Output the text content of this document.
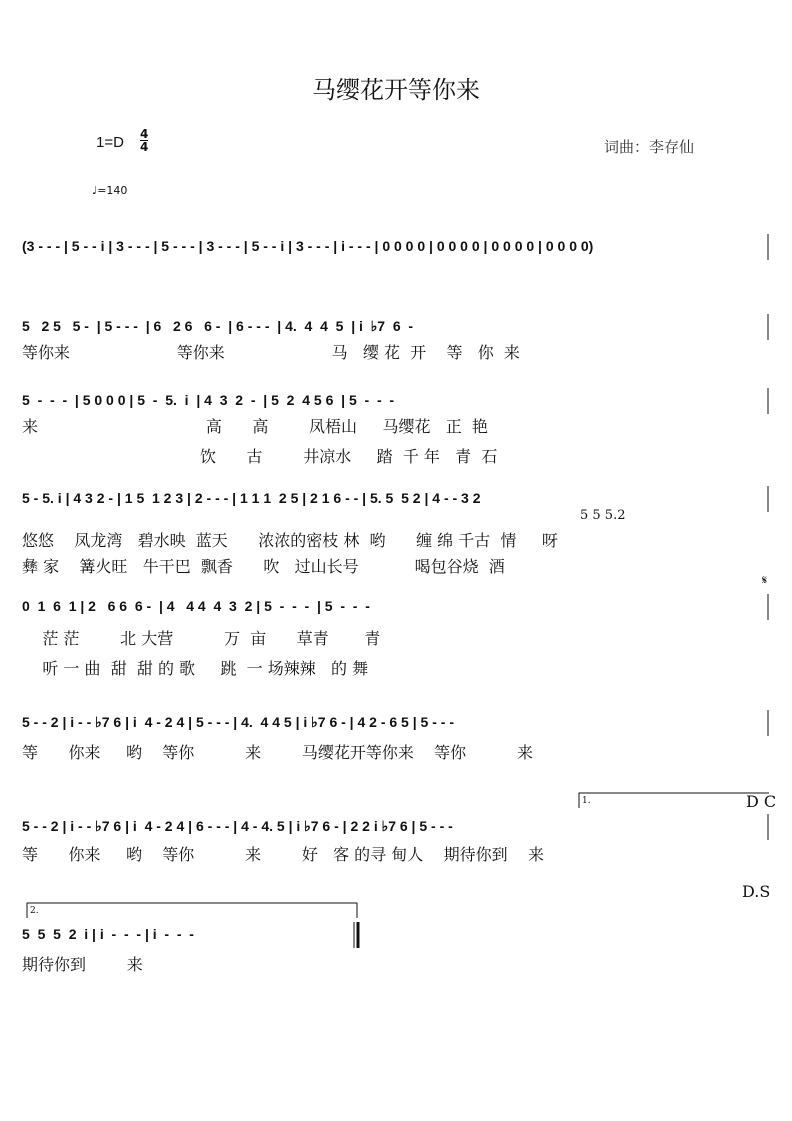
马缨花开等你来
1=D 4
4	词曲：李存仙
♩=140
(3 - - - | 5 - - i | 3 - - - | 5 - - - | 3 - - - | 5 - - i | 3 - - - | i - - - | 0 0 0 0 | 0 0 0 0 | 0 0 0 0 | 0 0 0 0)
5   2 5   5 -  | 5 - - -  | 6   2 6   6 -  | 6 - - -  | 4.  4  4  5  | i  ♭7  6  -
等你来                     等你来                     马   缨 花  开    等   你  来
5  -  -  -  | 5 0 0 0 | 5  -  5.  i  | 4  3  2  -  | 5  2  4 5 6  | 5  -  -  -
来                                 高      高        凤梧山     马缨花   正  艳
饮      古        井凉水     踏  千 年   青  石
5 - 5. i | 4 3 2 - | 1 5  1 2 3 | 2 - - - | 1 1 1  2 5 | 2 1 6 - - | 5. 5  5 2 | 4 - - 3 2
5 5 5.2
悠悠    凤龙湾   碧水映  蓝天      浓浓的密枝 林  哟      缠 绵 千古  情     呀
彝 家    篝火旺   牛干巴  飘香      吹   过山长号           喝包谷烧  酒
𝄋
0  1  6  1 | 2   6 6  6 -  | 4   4 4  4  3  2 | 5  -  -  -  | 5  -  -  -
茫 茫        北 大营          万  亩      草青       青
听 一 曲  甜  甜 的 歌     跳  一 场辣辣   的 舞
5 - - 2 | i - - ♭7 6 | i  4 - 2 4 | 5 - - - | 4.  4 4 5 | i ♭7 6 - | 4 2 - 6 5 | 5 - - -
等      你来     哟    等你          来        马缨花开等你来    等你          来
1.	D C
5 - - 2 | i - - ♭7 6 | i  4 - 2 4 | 6 - - - | 4 - 4. 5 | i ♭7 6 - | 2 2 i ♭7 6 | 5 - - -
等      你来     哟    等你          来        好   客 的寻 甸人    期待你到    来
D.S
2.
5  5  5  2  i | i  -  -  - | i  -  -  -
期待你到        来
